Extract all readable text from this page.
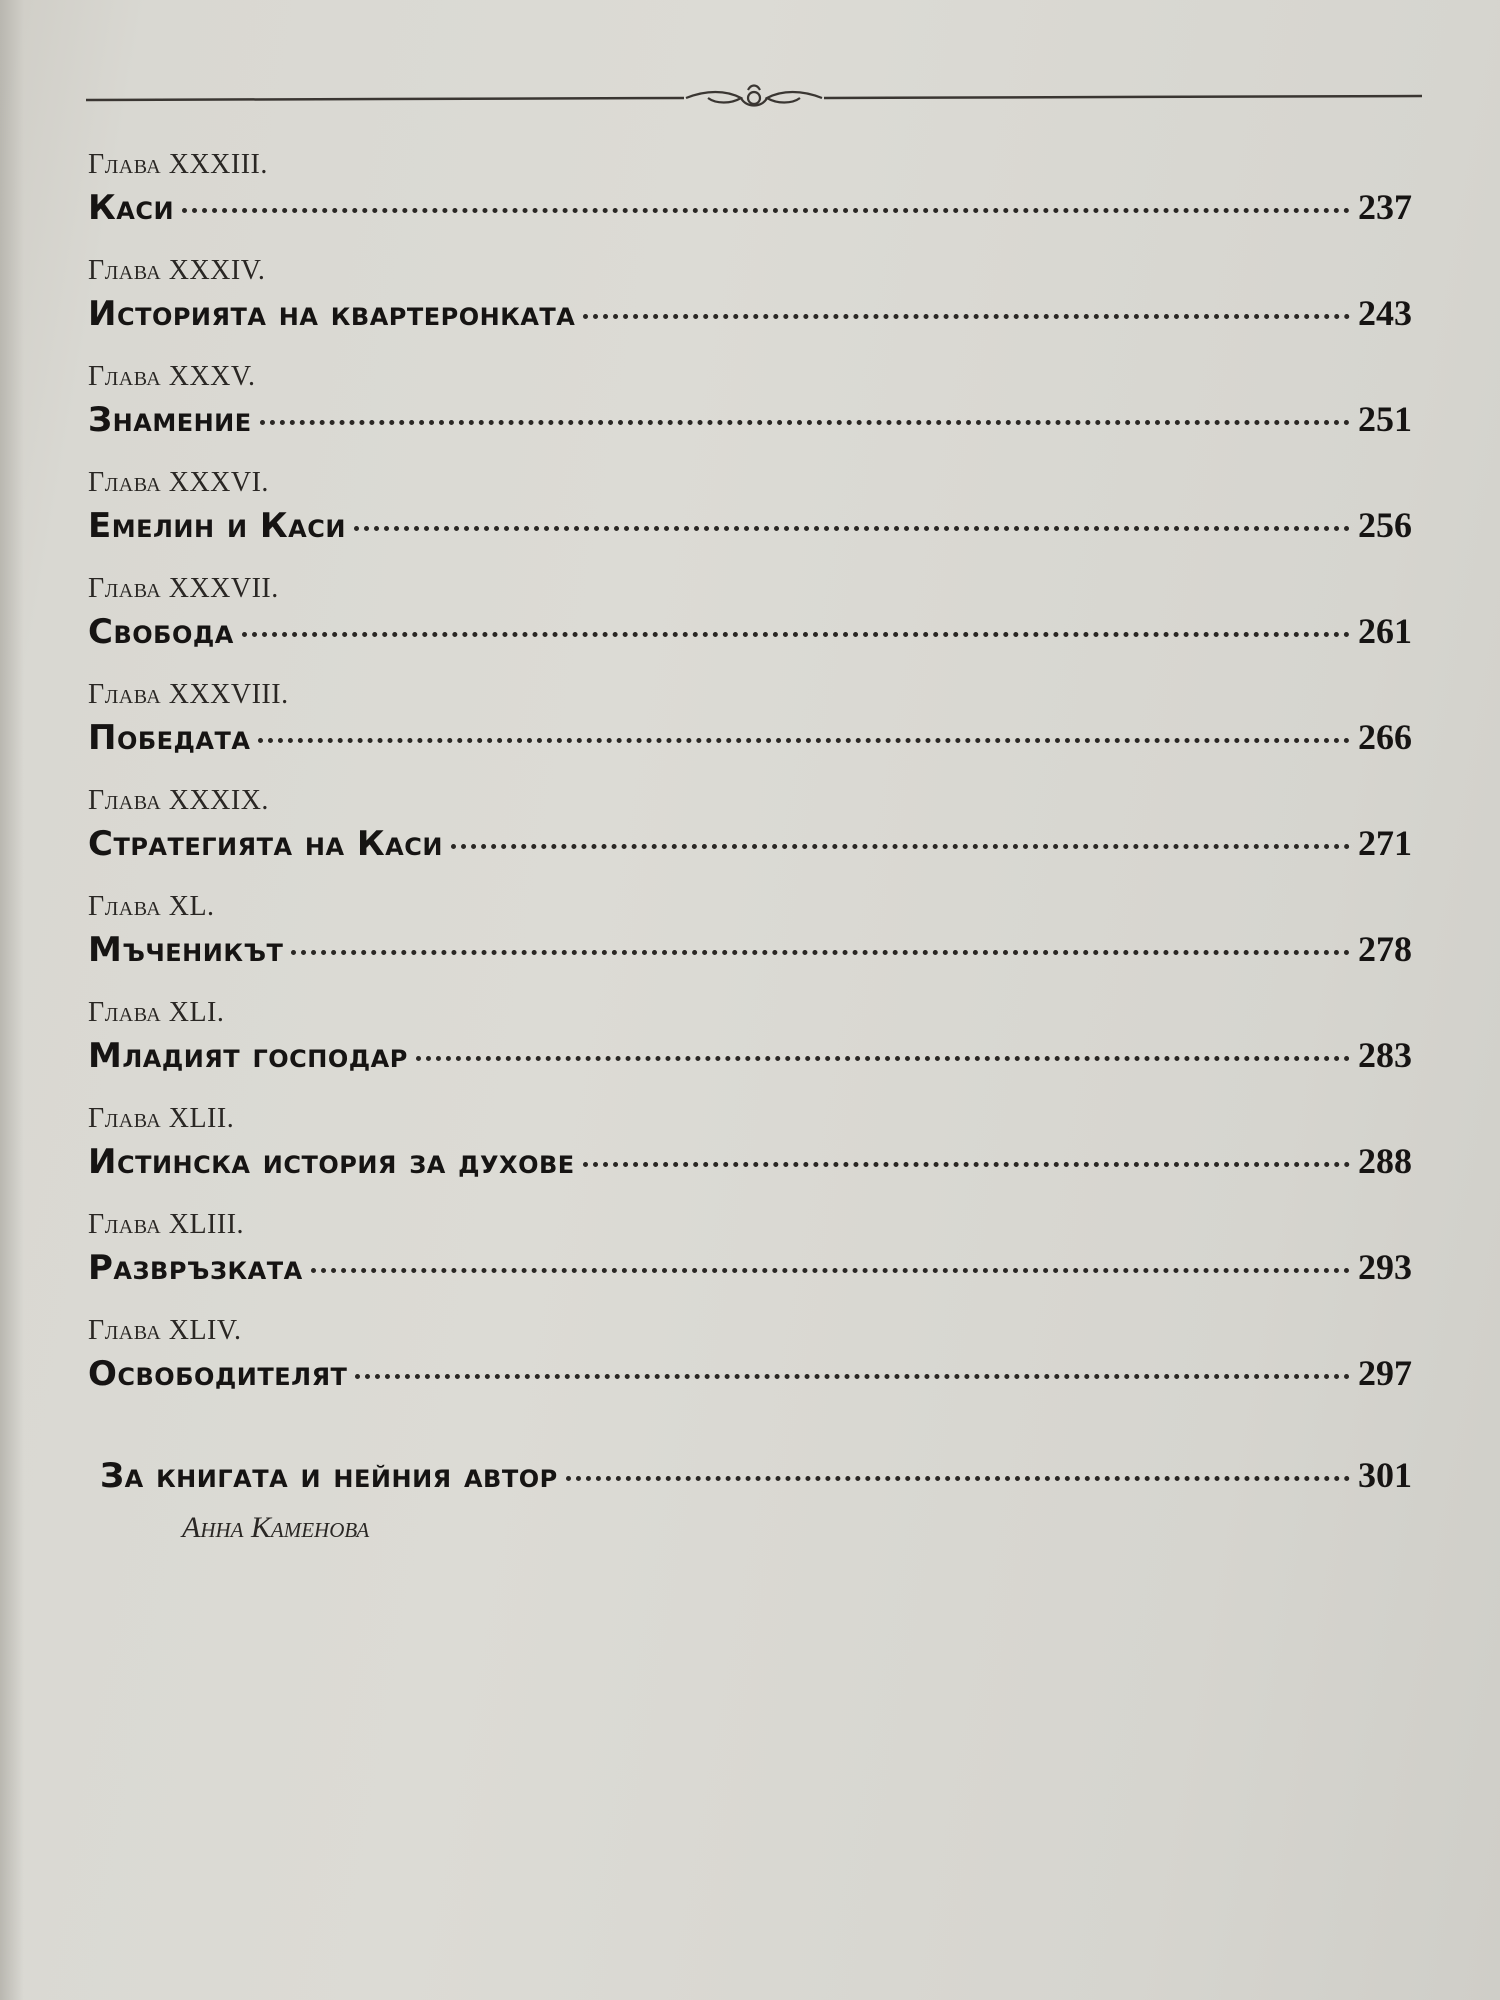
Глава XXXIII.
Каси	237
Глава XXXIV.
Историята на квартеронката	243
Глава XXXV.
Знамение	251
Глава XXXVI.
Емелин и Каси	256
Глава XXXVII.
Свобода	261
Глава XXXVIII.
Победата	266
Глава XXXIX.
Стратегията на Каси	271
Глава XL.
Мъченикът	278
Глава XLI.
Младият господар	283
Глава XLII.
Истинска история за духове	288
Глава XLIII.
Развръзката	293
Глава XLIV.
Освободителят	297
За книгата и нейния автор	301
Анна Каменова
